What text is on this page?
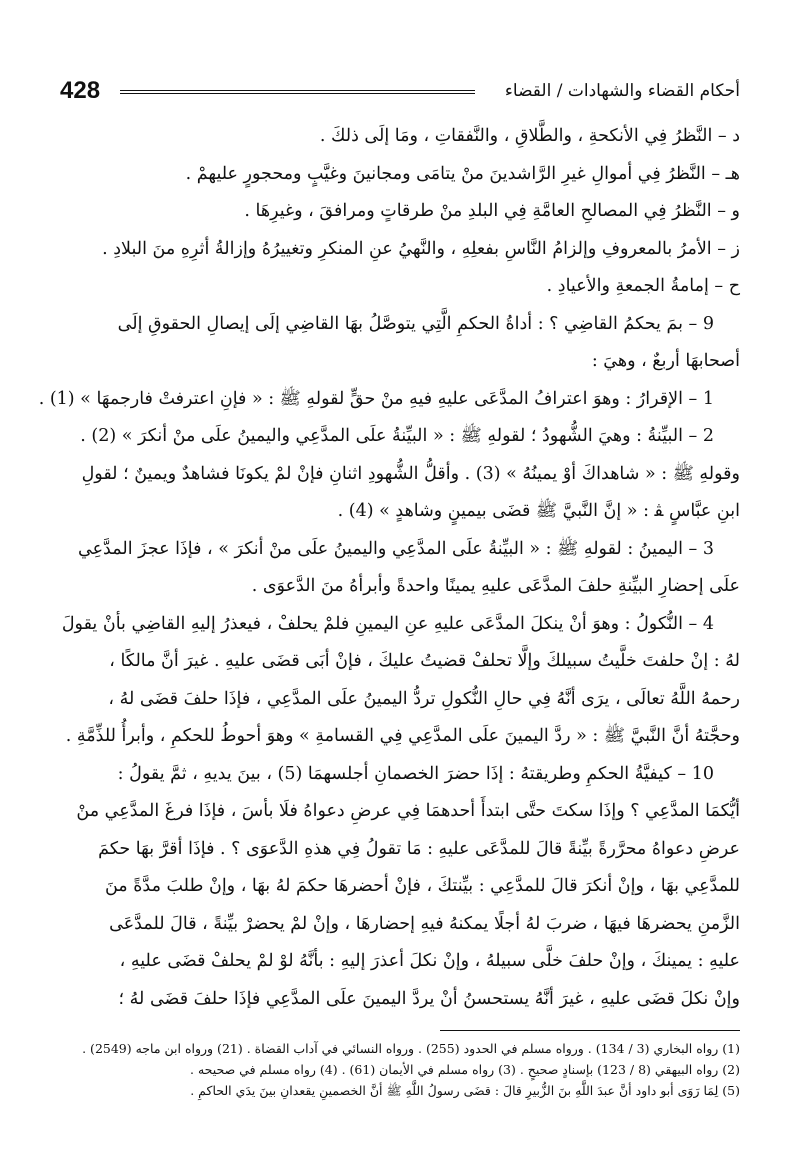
428	أحكام القضاء والشهادات / القضاء
د – النَّظرُ فِي الأنكحةِ ، والطَّلاقِ ، والنَّفقاتِ ، ومَا إلَى ذلكَ .
هـ – النَّظرُ فِي أموالِ غيرِ الرَّاشدينَ منْ يتامَى ومجانينَ وغيَّبٍ ومحجورٍ عليهمْ .
و – النَّظرُ فِي المصالحِ العامَّةِ فِي البلدِ منْ طرقاتٍ ومرافقَ ، وغيرِهَا .
ز – الأمرُ بالمعروفِ وإلزامُ النَّاسِ بفعلِهِ ، والنَّهيُ عنِ المنكرِ وتغييرُهُ وإزالةُ أثرِهِ منَ البلادِ .
ح – إمامةُ الجمعةِ والأعيادِ .
9 – بمَ يحكمُ القاضِي ؟ : أداةُ الحكمِ الَّتِي يتوصَّلُ بهَا القاضِي إلَى إيصالِ الحقوقِ إلَى
أصحابهَا أربعٌ ، وهيَ :
1 – الإقرارُ : وهوَ اعترافُ المدَّعَى عليهِ فيهِ منْ حقٍّ لقولهِ ﷺ : « فإنِ اعترفتْ فارجمهَا » (1) .
2 – البيِّنةُ : وهيَ الشُّهودُ ؛ لقولهِ ﷺ : « البيِّنةُ علَى المدَّعِي واليمينُ علَى منْ أنكرَ » (2) .
وقولهِ ﷺ : « شاهداكَ أوْ يمينُهُ » (3) . وأقلُّ الشُّهودِ اثنانِ فإنْ لمْ يكونَا فشاهدٌ ويمينٌ ؛ لقولِ
ابنِ عبَّاسٍ ﭭ : « إنَّ النَّبيَّ ﷺ قضَى بيمينٍ وشاهدٍ » (4) .
3 – اليمينُ : لقولهِ ﷺ : « البيِّنةُ علَى المدَّعِي واليمينُ علَى منْ أنكرَ » ، فإذَا عجزَ المدَّعِي
علَى إحضارِ البيِّنةِ حلفَ المدَّعَى عليهِ يمينًا واحدةً وأبرأهُ منَ الدَّعوَى .
4 – النُّكولُ : وهوَ أنْ ينكلَ المدَّعَى عليهِ عنِ اليمينِ فلمْ يحلفْ ، فيعذرُ إليهِ القاضِي بأنْ يقولَ
لهُ : إنْ حلفتَ خلَّيتُ سبيلكَ وإلَّا تحلفْ قضيتُ عليكَ ، فإنْ أبَى قضَى عليهِ . غيرَ أنَّ مالكًا ،
رحمهُ اللَّهُ تعالَى ، يرَى أنَّهُ فِي حالِ النُّكولِ تردُّ اليمينُ علَى المدَّعِي ، فإذَا حلفَ قضَى لهُ ،
وحجَّتهُ أنَّ النَّبيَّ ﷺ : « ردَّ اليمينَ علَى المدَّعِي فِي القسامةِ » وهوَ أحوطُ للحكمِ ، وأبرأُ للذِّمَّةِ .
10 – كيفيَّةُ الحكمِ وطريقتهُ : إذَا حضرَ الخصمانِ أجلسهمَا (5) ، بينَ يديهِ ، ثمَّ يقولُ :
أيُّكمَا المدَّعِي ؟ وإذَا سكتَ حتَّى ابتدأَ أحدهمَا فِي عرضِ دعواهُ فلَا بأسَ ، فإذَا فرغَ المدَّعِي منْ
عرضِ دعواهُ محرَّرةً بيِّنةً قالَ للمدَّعَى عليهِ : مَا تقولُ فِي هذهِ الدَّعوَى ؟ . فإذَا أقرَّ بهَا حكمَ
للمدَّعِي بهَا ، وإنْ أنكرَ قالَ للمدَّعِي : بيِّنتكَ ، فإنْ أحضرهَا حكمَ لهُ بهَا ، وإنْ طلبَ مدَّةً منَ
الزَّمنِ يحضرهَا فيهَا ، ضربَ لهُ أجلًا يمكنهُ فيهِ إحضارهَا ، وإنْ لمْ يحضرْ بيِّنةً ، قالَ للمدَّعَى
عليهِ : يمينكَ ، وإنْ حلفَ خلَّى سبيلهُ ، وإنْ نكلَ أعذرَ إليهِ : بأنَّهُ لوْ لمْ يحلفْ قضَى عليهِ ،
وإنْ نكلَ قضَى عليهِ ، غيرَ أنَّهُ يستحسنُ أنْ يردَّ اليمينَ علَى المدَّعِي فإذَا حلفَ قضَى لهُ ؛
(1) رواه البخاري (3 / 134) . ورواه مسلم في الحدود (255) . ورواه النسائي في آداب القضاة . (21) ورواه ابن ماجه (2549) .
(2) رواه البيهقي (8 / 123) بإسنادٍ صحيحٍ . (3) رواه مسلم في الأيمان (61) . (4) رواه مسلم في صحيحه .
(5) لِمَا رَوَى أبو داود أنَّ عبدَ اللَّهِ بنَ الزُّبيرِ قالَ : قضَى رسولُ اللَّهِ ﷺ أنَّ الخصمينِ يقعدانِ بينَ يدَي الحاكمِ .
